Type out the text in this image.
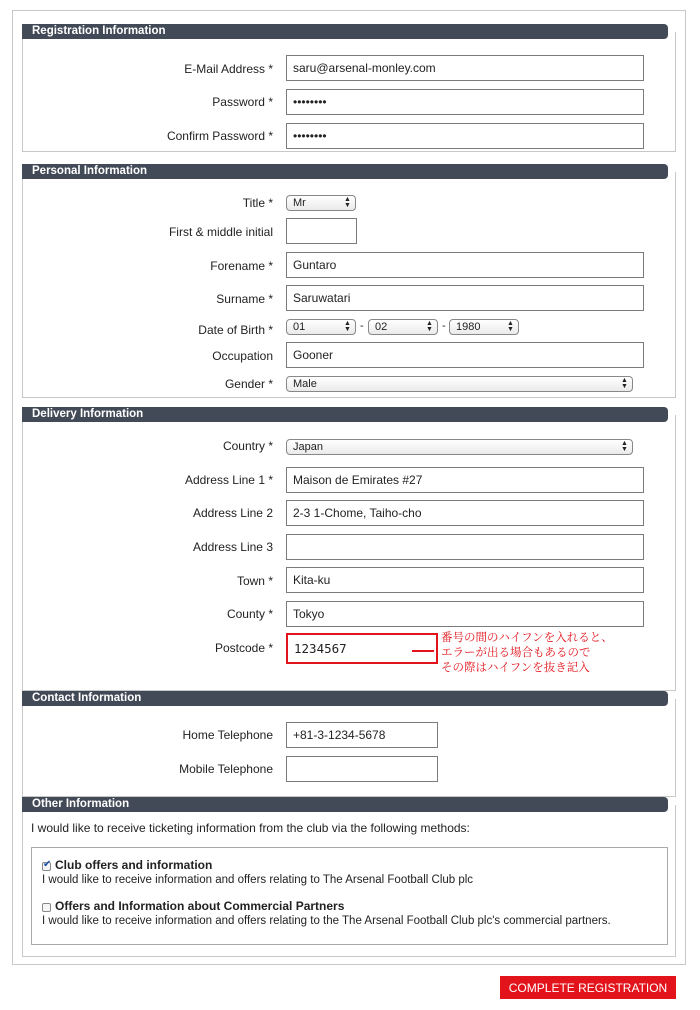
Registration Information
E-Mail Address *	saru@arsenal-monley.com
Password *	••••••••
Confirm Password *	••••••••
Personal Information
Title *	Mr	▲
▼
First & middle initial
Forename *	Guntaro
Surname *	Saruwatari
Date of Birth *	01	▲
▼ -	02	▲
▼ - 1980	▲
▼
Occupation	Gooner
Gender *	Male	▲
▼
Delivery Information
Country *	Japan	▲
▼
Address Line 1 *	Maison de Emirates #27
Address Line 2	2-3 1-Chome, Taiho-cho
Address Line 3
Town *	Kita-ku
County *	Tokyo
Postcode *	1234567
番号の間のハイフンを入れると、
エラーが出る場合もあるので
その際はハイフンを抜き記入
Contact Information
Home Telephone	+81-3-1234-5678
Mobile Telephone
Other Information
I would like to receive ticketing information from the club via the following methods:
✔
Club offers and information
I would like to receive information and offers relating to The Arsenal Football Club plc
Offers and Information about Commercial Partners
I would like to receive information and offers relating to the The Arsenal Football Club plc's commercial partners.
COMPLETE REGISTRATION
